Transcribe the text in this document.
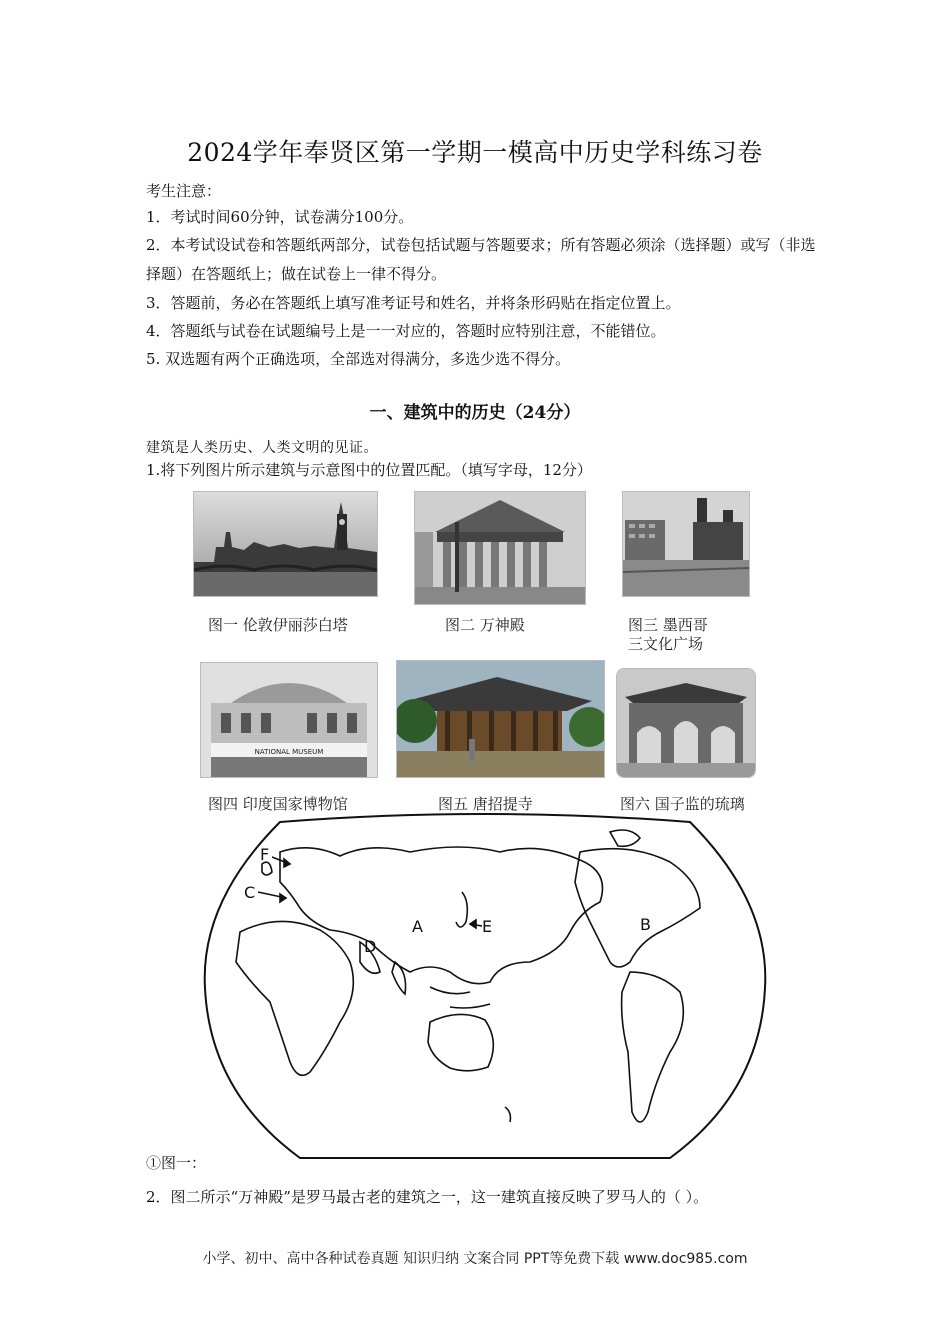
2024学年奉贤区第一学期一模高中历史学科练习卷
考生注意：
1．考试时间60分钟，试卷满分100分。
2．本考试设试卷和答题纸两部分，试卷包括试题与答题要求；所有答题必须涂（选择题）或写（非选择题）在答题纸上；做在试卷上一律不得分。
3．答题前，务必在答题纸上填写准考证号和姓名，并将条形码贴在指定位置上。
4．答题纸与试卷在试题编号上是一一对应的，答题时应特别注意，不能错位。
5. 双选题有两个正确选项，全部选对得满分，多选少选不得分。
一、建筑中的历史（24分）
建筑是人类历史、人类文明的见证。
1.将下列图片所示建筑与示意图中的位置匹配。（填写字母，12分）
图一 伦敦伊丽莎白塔	图二 万神殿	图三 墨西哥
三文化广场
NATIONAL MUSEUM
图四 印度国家博物馆	图五 唐招提寺	图六 国子监的琉璃
F
C
A	E
D
B
①图一：
2．图二所示“万神殿”是罗马最古老的建筑之一，这一建筑直接反映了罗马人的（ ）。
小学、初中、高中各种试卷真题 知识归纳 文案合同 PPT等免费下载 www.doc985.com
